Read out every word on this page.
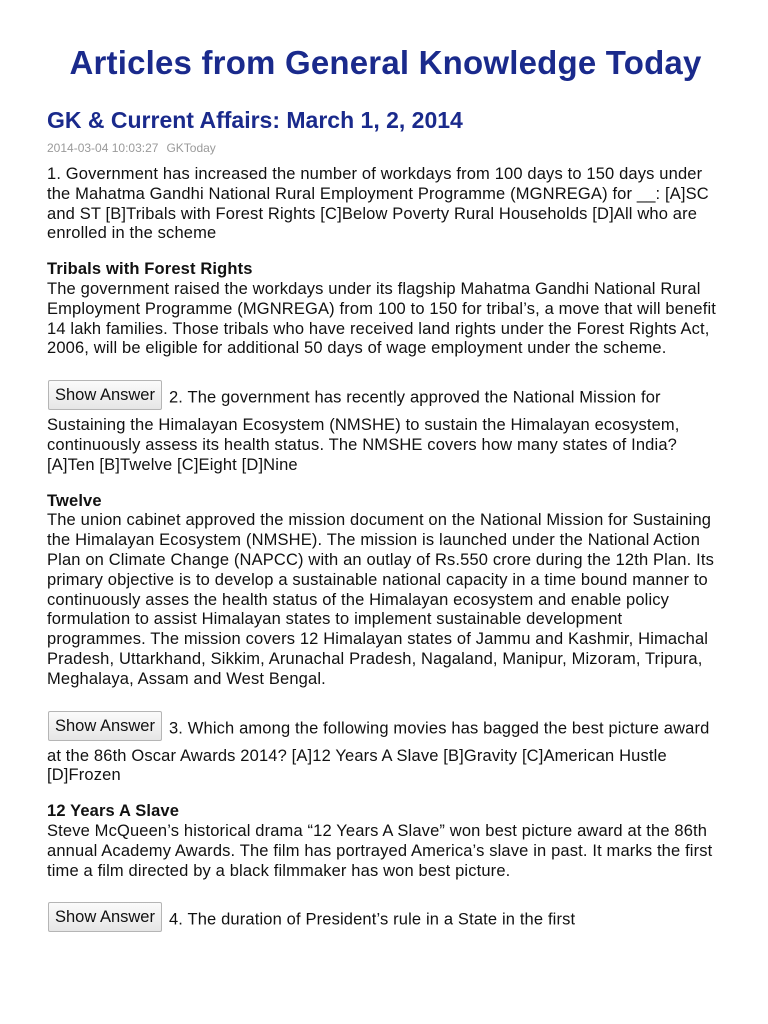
Articles from General Knowledge Today
GK & Current Affairs: March 1, 2, 2014
2014-03-04 10:03:27 GKToday
1. Government has increased the number of workdays from 100 days to 150 days under the Mahatma Gandhi National Rural Employment Programme (MGNREGA) for __: [A]SC and ST [B]Tribals with Forest Rights [C]Below Poverty Rural Households [D]All who are enrolled in the scheme
Tribals with Forest Rights
The government raised the workdays under its flagship Mahatma Gandhi National Rural Employment Programme (MGNREGA) from 100 to 150 for tribal’s, a move that will benefit 14 lakh families. Those tribals who have received land rights under the Forest Rights Act, 2006, will be eligible for additional 50 days of wage employment under the scheme.
Show Answer 2. The government has recently approved the National Mission for Sustaining the Himalayan Ecosystem (NMSHE) to sustain the Himalayan ecosystem, continuously assess its health status. The NMSHE covers how many states of India? [A]Ten [B]Twelve [C]Eight [D]Nine
Twelve
The union cabinet approved the mission document on the National Mission for Sustaining the Himalayan Ecosystem (NMSHE). The mission is launched under the National Action Plan on Climate Change (NAPCC) with an outlay of Rs.550 crore during the 12th Plan. Its primary objective is to develop a sustainable national capacity in a time bound manner to continuously asses the health status of the Himalayan ecosystem and enable policy formulation to assist Himalayan states to implement sustainable development programmes. The mission covers 12 Himalayan states of Jammu and Kashmir, Himachal Pradesh, Uttarkhand, Sikkim, Arunachal Pradesh, Nagaland, Manipur, Mizoram, Tripura, Meghalaya, Assam and West Bengal.
Show Answer 3. Which among the following movies has bagged the best picture award at the 86th Oscar Awards 2014? [A]12 Years A Slave [B]Gravity [C]American Hustle [D]Frozen
12 Years A Slave
Steve McQueen’s historical drama “12 Years A Slave” won best picture award at the 86th annual Academy Awards. The film has portrayed America’s slave in past. It marks the first time a film directed by a black filmmaker has won best picture.
Show Answer 4. The duration of President’s rule in a State in the first
